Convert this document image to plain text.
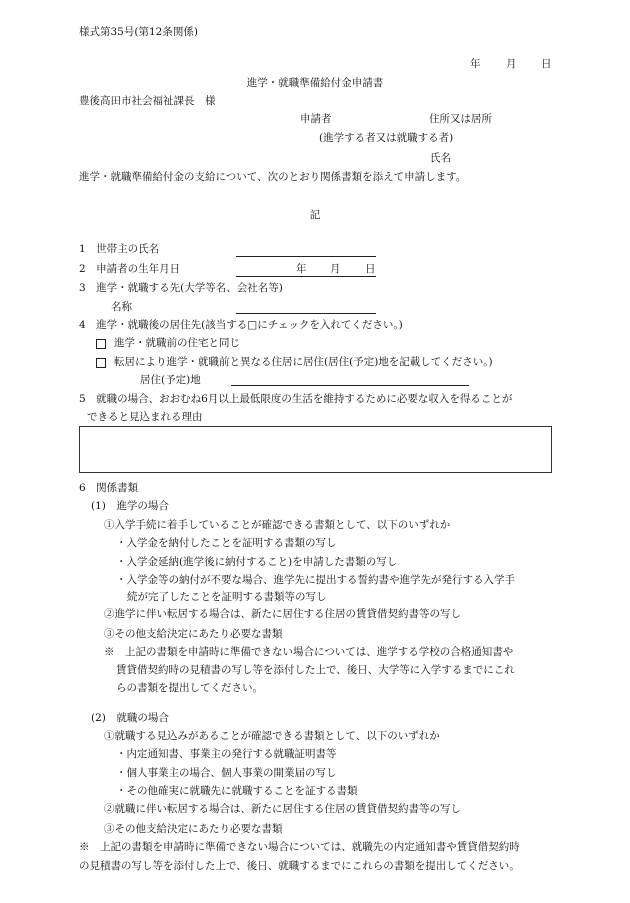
様式第35号(第12条関係)
年 月 日
進学・就職準備給付金申請書
豊後高田市社会福祉課長　様
申請者	住所又は居所
(進学する者又は就職する者)
氏名
進学・就職準備給付金の支給について、次のとおり関係書類を添えて申請します。
記
1　世帯主の氏名
2　申請者の生年月日	年 月 日
3　進学・就職する先(大学等名、会社名等)
名称
4　進学・就職後の居住先(該当する□にチェックを入れてください。)
進学・就職前の住宅と同じ
転居により進学・就職前と異なる住居に居住(居住(予定)地を記載してください。)
居住(予定)地
5　就職の場合、おおむね6月以上最低限度の生活を維持するために必要な収入を得ることが
できると見込まれる理由
6　関係書類
(1)　進学の場合
①入学手続に着手していることが確認できる書類として、以下のいずれか
・入学金を納付したことを証明する書類の写し
・入学金延納(進学後に納付すること)を申請した書類の写し
・入学金等の納付が不要な場合、進学先に提出する誓約書や進学先が発行する入学手
続が完了したことを証明する書類等の写し
②進学に伴い転居する場合は、新たに居住する住居の賃貸借契約書等の写し
③その他支給決定にあたり必要な書類
※　上記の書類を申請時に準備できない場合については、進学する学校の合格通知書や
賃貸借契約時の見積書の写し等を添付した上で、後日、大学等に入学するまでにこれ
らの書類を提出してください。
(2)　就職の場合
①就職する見込みがあることが確認できる書類として、以下のいずれか
・内定通知書、事業主の発行する就職証明書等
・個人事業主の場合、個人事業の開業届の写し
・その他確実に就職先に就職することを証する書類
②就職に伴い転居する場合は、新たに居住する住居の賃貸借契約書等の写し
③その他支給決定にあたり必要な書類
※　上記の書類を申請時に準備できない場合については、就職先の内定通知書や賃貸借契約時
の見積書の写し等を添付した上で、後日、就職するまでにこれらの書類を提出してください。
